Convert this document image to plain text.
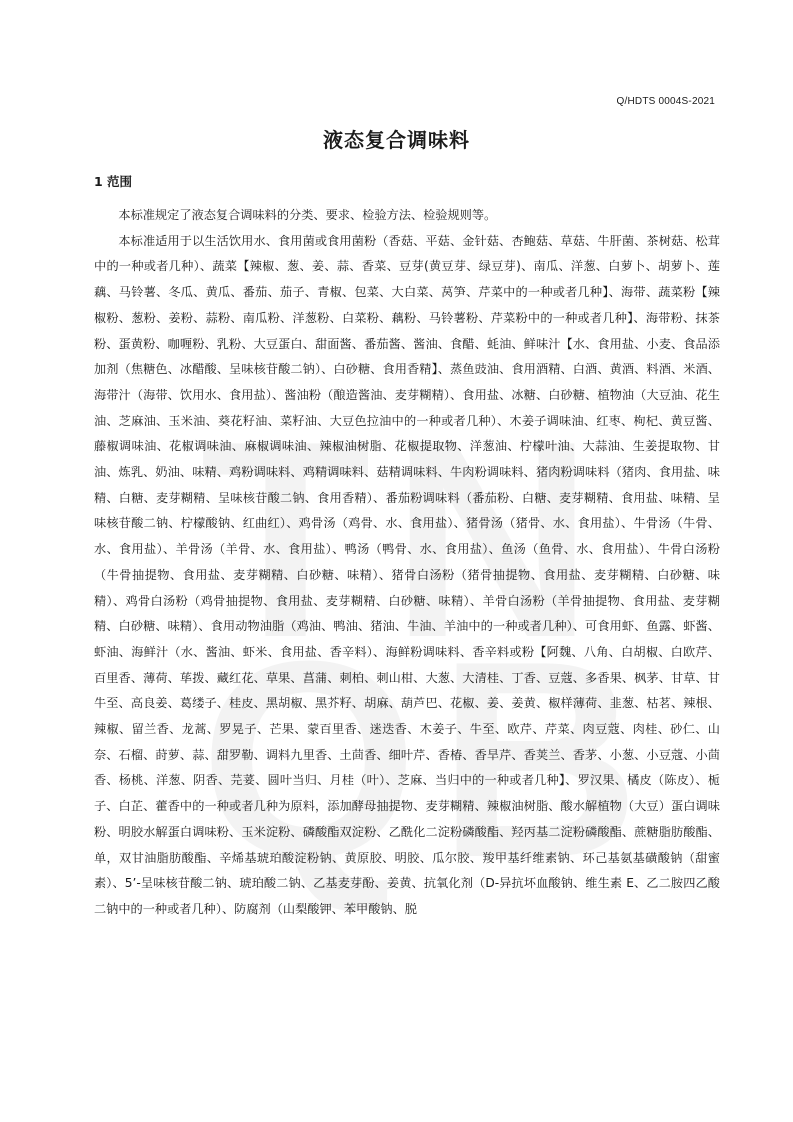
Q/HDTS 0004S-2021
液态复合调味料
1 范围

本标准规定了液态复合调味料的分类、要求、检验方法、检验规则等。

本标准适用于以生活饮用水、食用菌或食用菌粉（香菇、平菇、金针菇、杏鲍菇、草菇、牛肝菌、茶树菇、松茸中的一种或者几种）、蔬菜【辣椒、葱、姜、蒜、香菜、豆芽(黄豆芽、绿豆芽)、南瓜、洋葱、白萝卜、胡萝卜、莲藕、马铃薯、冬瓜、黄瓜、番茄、茄子、青椒、包菜、大白菜、莴笋、芹菜中的一种或者几种】、海带、蔬菜粉【辣椒粉、葱粉、姜粉、蒜粉、南瓜粉、洋葱粉、白菜粉、藕粉、马铃薯粉、芹菜粉中的一种或者几种】、海带粉、抹茶粉、蛋黄粉、咖喱粉、乳粉、大豆蛋白、甜面酱、番茄酱、酱油、食醋、蚝油、鲜味汁【水、食用盐、小麦、食品添加剂（焦糖色、冰醋酸、呈味核苷酸二钠）、白砂糖、食用香精】、蒸鱼豉油、食用酒精、白酒、黄酒、料酒、米酒、海带汁（海带、饮用水、食用盐）、酱油粉（酿造酱油、麦芽糊精）、食用盐、冰糖、白砂糖、植物油（大豆油、花生油、芝麻油、玉米油、葵花籽油、菜籽油、大豆色拉油中的一种或者几种）、木姜子调味油、红枣、枸杞、黄豆酱、藤椒调味油、花椒调味油、麻椒调味油、辣椒油树脂、花椒提取物、洋葱油、柠檬叶油、大蒜油、生姜提取物、甘油、炼乳、奶油、味精、鸡粉调味料、鸡精调味料、菇精调味料、牛肉粉调味料、猪肉粉调味料（猪肉、食用盐、味精、白糖、麦芽糊精、呈味核苷酸二钠、食用香精）、番茄粉调味料（番茄粉、白糖、麦芽糊精、食用盐、味精、呈味核苷酸二钠、柠檬酸钠、红曲红）、鸡骨汤（鸡骨、水、食用盐）、猪骨汤（猪骨、水、食用盐）、牛骨汤（牛骨、水、食用盐）、羊骨汤（羊骨、水、食用盐）、鸭汤（鸭骨、水、食用盐）、鱼汤（鱼骨、水、食用盐）、牛骨白汤粉（牛骨抽提物、食用盐、麦芽糊精、白砂糖、味精）、猪骨白汤粉（猪骨抽提物、食用盐、麦芽糊精、白砂糖、味精）、鸡骨白汤粉（鸡骨抽提物、食用盐、麦芽糊精、白砂糖、味精）、羊骨白汤粉（羊骨抽提物、食用盐、麦芽糊精、白砂糖、味精）、食用动物油脂（鸡油、鸭油、猪油、牛油、羊油中的一种或者几种）、可食用虾、鱼露、虾酱、虾油、海鲜汁（水、酱油、虾米、食用盐、香辛料）、海鲜粉调味料、香辛料或粉【阿魏、八角、白胡椒、白欧芹、百里香、薄荷、荜拨、藏红花、草果、菖蒲、刺柏、刺山柑、大葱、大清桂、丁香、豆蔻、多香果、枫茅、甘草、甘牛至、高良姜、葛缕子、桂皮、黑胡椒、黑芥籽、胡麻、葫芦巴、花椒、姜、姜黄、椒样薄荷、韭葱、枯茗、辣根、辣椒、留兰香、龙蒿、罗晃子、芒果、蒙百里香、迷迭香、木姜子、牛至、欧芹、芹菜、肉豆蔻、肉桂、砂仁、山奈、石榴、莳萝、蒜、甜罗勒、调料九里香、土茴香、细叶芹、香椿、香旱芹、香荚兰、香茅、小葱、小豆蔻、小茴香、杨桃、洋葱、阴香、芫荽、圆叶当归、月桂（叶）、芝麻、当归中的一种或者几种】、罗汉果、橘皮（陈皮）、栀子、白芷、藿香中的一种或者几种为原料，添加酵母抽提物、麦芽糊精、辣椒油树脂、酸水解植物（大豆）蛋白调味粉、明胶水解蛋白调味粉、玉米淀粉、磷酸酯双淀粉、乙酰化二淀粉磷酸酯、羟丙基二淀粉磷酸酯、蔗糖脂肪酸酯、单，双甘油脂肪酸酯、辛烯基琥珀酸淀粉钠、黄原胶、明胶、瓜尔胶、羧甲基纤维素钠、环己基氨基磺酸钠（甜蜜素）、5’-呈味核苷酸二钠、琥珀酸二钠、乙基麦芽酚、姜黄、抗氧化剂（D-异抗坏血酸钠、维生素 E、乙二胺四乙酸二钠中的一种或者几种）、防腐剂（山梨酸钾、苯甲酸钠、脱
